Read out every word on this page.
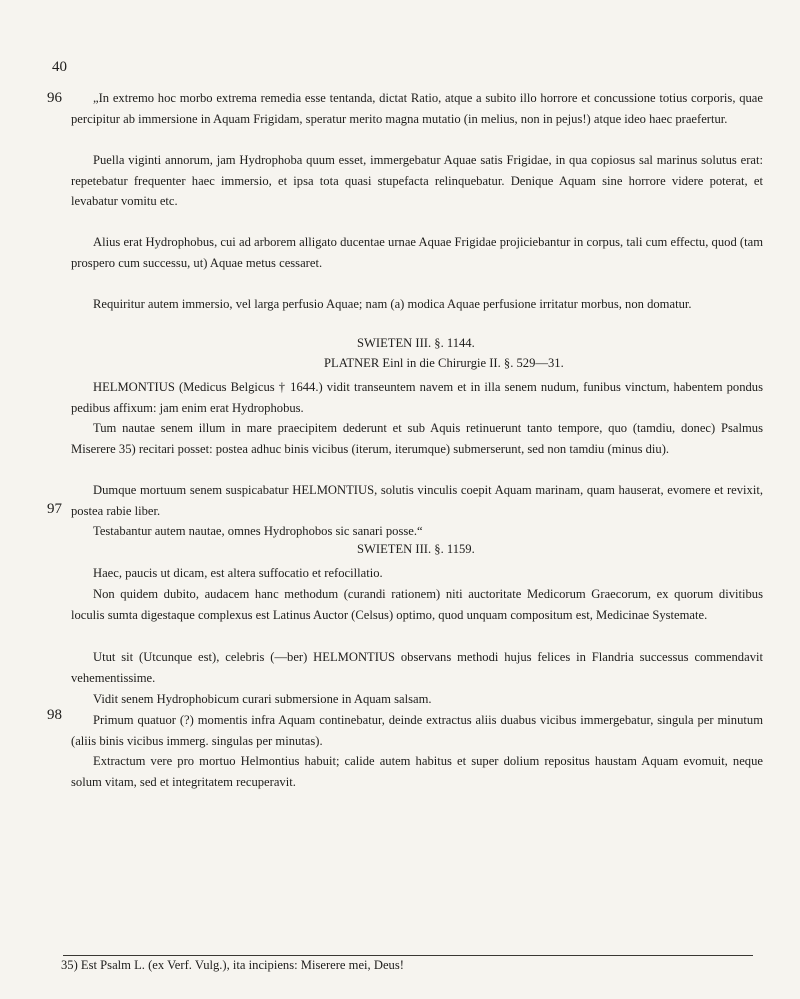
40
96
97
98
„In extremo hoc morbo extrema remedia esse tentanda, dictat Ratio, atque a subito illo horrore et concussione totius corporis, quae percipitur ab immersione in Aquam Frigidam, speratur merito magna mutatio (in melius, non in pejus!) atque ideo haec praefertur.
Puella viginti annorum, jam Hydrophoba quum esset, immergebatur Aquae satis Frigidae, in qua copiosus sal marinus solutus erat: repetebatur frequenter haec immersio, et ipsa tota quasi stupefacta relinquebatur. Denique Aquam sine horrore videre poterat, et levabatur vomitu etc.
Alius erat Hydrophobus, cui ad arborem alligato ducentae urnae Aquae Frigidae projiciebantur in corpus, tali cum effectu, quod (tam prospero cum successu, ut) Aquae metus cessaret.
Requiritur autem immersio, vel larga perfusio Aquae; nam (a) modica Aquae perfusione irritatur morbus, non domatur.
SWIETEN III. §. 1144.
PLATNER Einl in die Chirurgie II. §. 529—31.
HELMONTIUS (Medicus Belgicus † 1644.) vidit transeuntem navem et in illa senem nudum, funibus vinctum, habentem pondus pedibus affixum: jam enim erat Hydrophobus.
Tum nautae senem illum in mare praecipitem dederunt et sub Aquis retinuerunt tanto tempore, quo (tamdiu, donec) Psalmus Miserere 35) recitari posset: postea adhuc binis vicibus (iterum, iterumque) submerserunt, sed non tamdiu (minus diu).
Dumque mortuum senem suspicabatur HELMONTIUS, solutis vinculis coepit Aquam marinam, quam hauserat, evomere et revixit, postea rabie liber.
Testabantur autem nautae, omnes Hydrophobos sic sanari posse.“
SWIETEN III. §. 1159.
Haec, paucis ut dicam, est altera suffocatio et refocillatio.
Non quidem dubito, audacem hanc methodum (curandi rationem) niti auctoritate Medicorum Graecorum, ex quorum divitibus loculis sumta digestaque complexus est Latinus Auctor (Celsus) optimo, quod unquam compositum est, Medicinae Systemate.
Utut sit (Utcunque est), celebris (—ber) HELMONTIUS observans methodi hujus felices in Flandria successus commendavit vehementissime.
Vidit senem Hydrophobicum curari submersione in Aquam salsam.
Primum quatuor (?) momentis infra Aquam continebatur, deinde extractus aliis duabus vicibus immergebatur, singula per minutum (aliis binis vicibus immerg. singulas per minutas).
Extractum vere pro mortuo Helmontius habuit; calide autem habitus et super dolium repositus haustam Aquam evomuit, neque solum vitam, sed et integritatem recuperavit.
35) Est Psalm L. (ex Verf. Vulg.), ita incipiens: Miserere mei, Deus!
